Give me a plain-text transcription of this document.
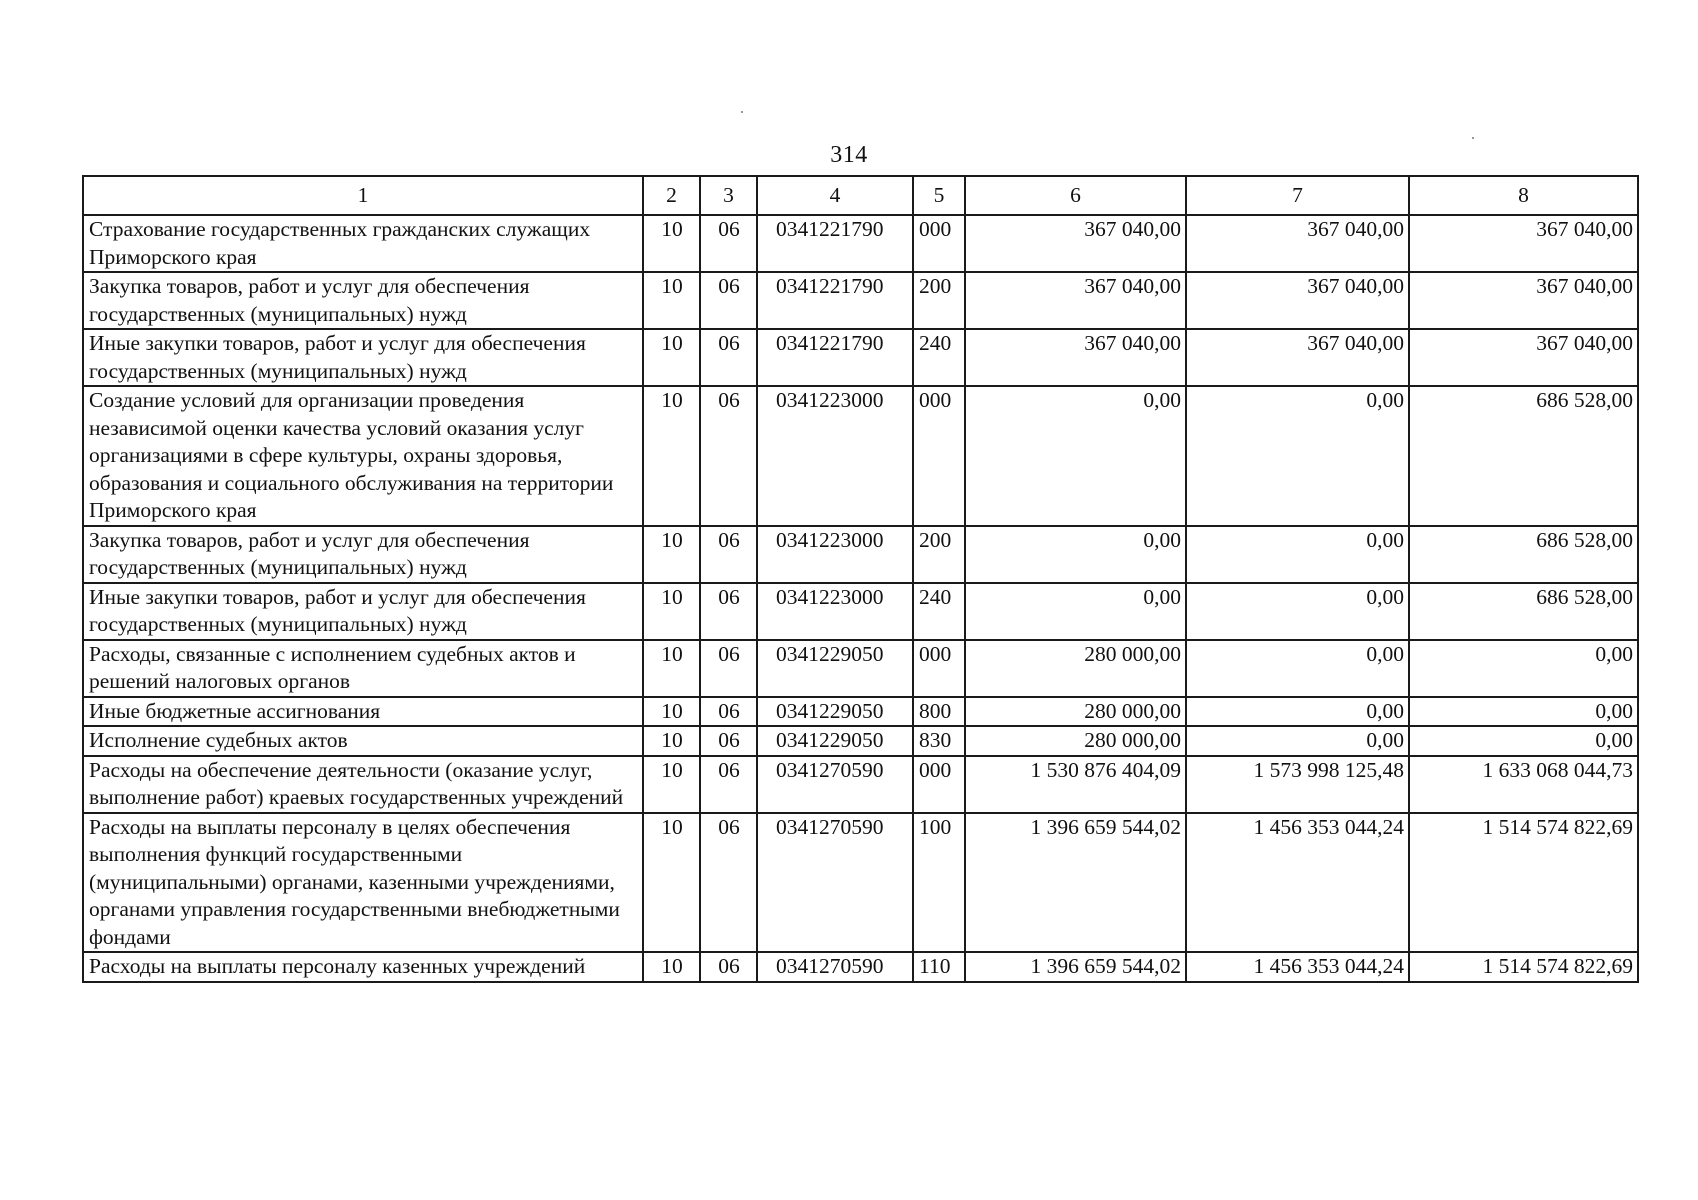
314
1	2	3	4	5	6	7	8
Страхование государственных гражданских служащих Приморского края	10	06	0341221790	000	367 040,00	367 040,00	367 040,00
Закупка товаров, работ и услуг для обеспечения государственных (муниципальных) нужд	10	06	0341221790	200	367 040,00	367 040,00	367 040,00
Иные закупки товаров, работ и услуг для обеспечения государственных (муниципальных) нужд	10	06	0341221790	240	367 040,00	367 040,00	367 040,00
Создание условий для организации проведения независимой оценки качества условий оказания услуг организациями в сфере культуры, охраны здоровья, образования и социального обслуживания на территории Приморского края	10	06	0341223000	000	0,00	0,00	686 528,00
Закупка товаров, работ и услуг для обеспечения государственных (муниципальных) нужд	10	06	0341223000	200	0,00	0,00	686 528,00
Иные закупки товаров, работ и услуг для обеспечения государственных (муниципальных) нужд	10	06	0341223000	240	0,00	0,00	686 528,00
Расходы, связанные с исполнением судебных актов и решений налоговых органов	10	06	0341229050	000	280 000,00	0,00	0,00
Иные бюджетные ассигнования	10	06	0341229050	800	280 000,00	0,00	0,00
Исполнение судебных актов	10	06	0341229050	830	280 000,00	0,00	0,00
Расходы на обеспечение деятельности (оказание услуг, выполнение работ) краевых государственных учреждений	10	06	0341270590	000	1 530 876 404,09	1 573 998 125,48	1 633 068 044,73
Расходы на выплаты персоналу в целях обеспечения выполнения функций государственными (муниципальными) органами, казенными учреждениями, органами управления государственными внебюджетными фондами	10	06	0341270590	100	1 396 659 544,02	1 456 353 044,24	1 514 574 822,69
Расходы на выплаты персоналу казенных учреждений	10	06	0341270590	110	1 396 659 544,02	1 456 353 044,24	1 514 574 822,69
